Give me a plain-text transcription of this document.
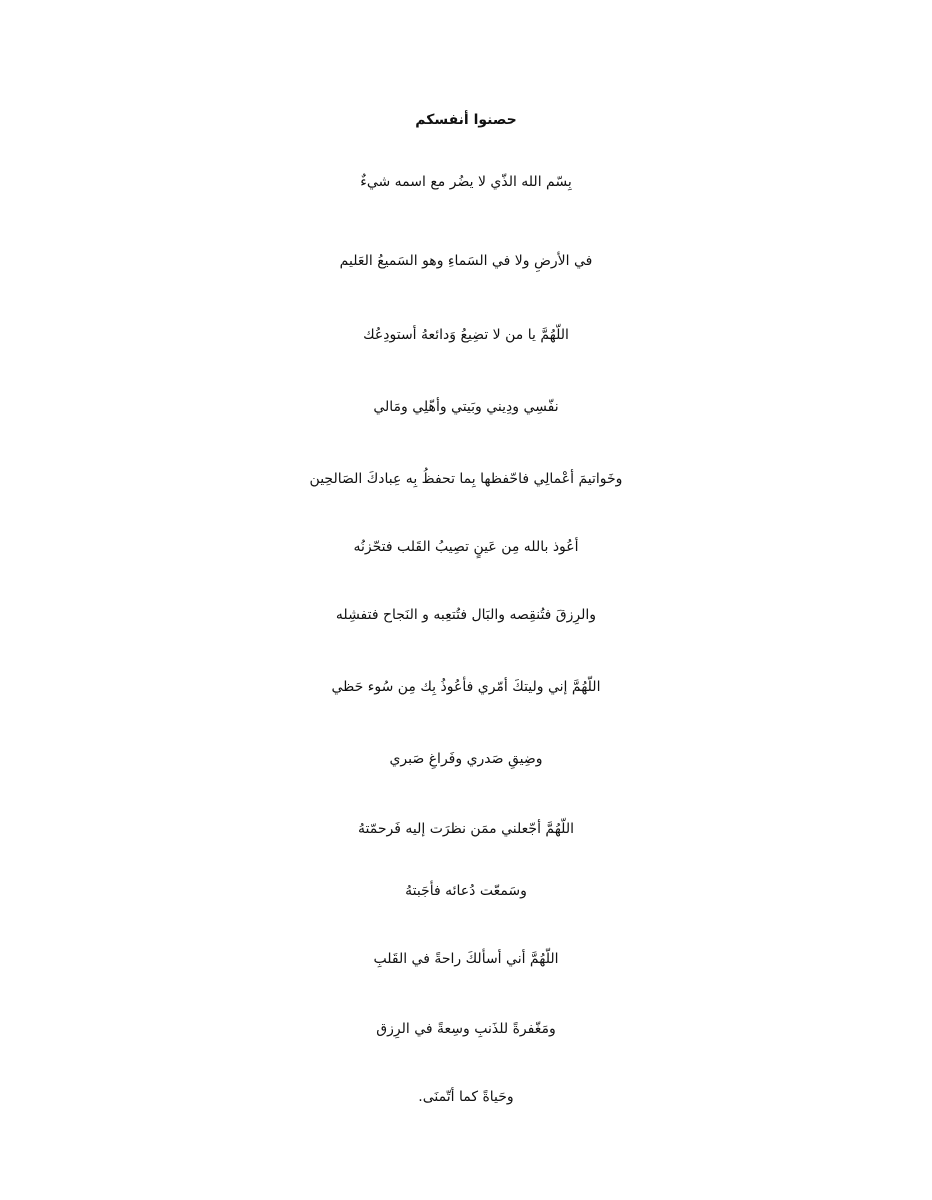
حصنوا أنفسكم
بِسّم الله الذّي لا يضُر مع اسمه شيءٌ
في الأرضِ ولا في السَماءِ وهو السَميعُ العَليم
اللّهُمَّ يا من لا تضِيعُ وَدائعهُ أستودِعُك
نفّسِي ودِيني وبَيتي وأهّلِي ومَالي
وخَواتيمَ أعْمالِي فاحّفظها بِما تحفظُ بِه عِبادكَ الصَالحِين
أعُوذ بالله مِن عَينٍ تصِيبُ القَلب فتحّزنُه
والرِزقَ فتُنقِصه والبَال فتُتعِبه و النَجاح فتفشِله
اللّهُمَّ إني وليتكَ أمّري فأعُوذُ بِك مِن سُوء حَظي
وضِيقِ صَدري وفَراغِ صَبري
اللّهُمَّ أجّعلني ممَن نظرَت إليه فَرحمّتهُ
وسَمعّت دُعائه فأجَبتهُ
اللّهُمَّ أني أسألكَ راحةً في القَلبِ
ومَغّفرةً للذَنبِ وسِعةً في الرِزق
وحَياةً كما أتّمنَى.
